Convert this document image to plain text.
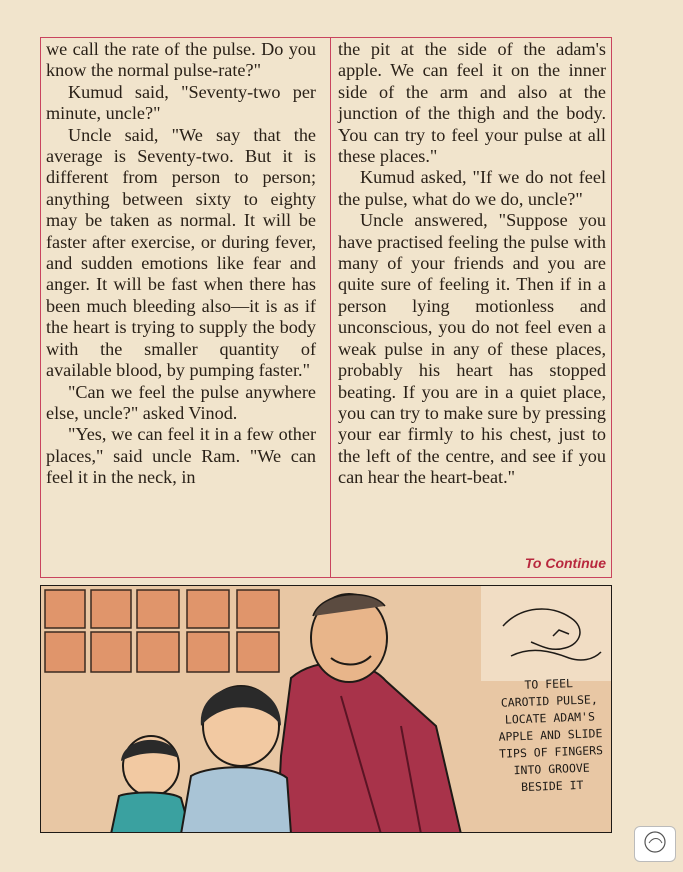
we call the rate of the pulse. Do you know the normal pulse-rate?"

Kumud said, "Seventy-two per minute, uncle?"

Uncle said, "We say that the average is Seventy-two. But it is different from person to person; anything between sixty to eighty may be taken as normal. It will be faster after exercise, or during fever, and sudden emotions like fear and anger. It will be fast when there has been much bleeding also—it is as if the heart is trying to supply the body with the smaller quantity of available blood, by pumping faster."

"Can we feel the pulse anywhere else, uncle?" asked Vinod.

"Yes, we can feel it in a few other places," said uncle Ram. "We can feel it in the neck, in

the pit at the side of the adam's apple. We can feel it on the inner side of the arm and also at the junction of the thigh and the body. You can try to feel your pulse at all these places."

Kumud asked, "If we do not feel the pulse, what do we do, uncle?"

Uncle answered, "Suppose you have practised feeling the pulse with many of your friends and you are quite sure of feeling it. Then if in a person lying motionless and unconscious, you do not feel even a weak pulse in any of these places, probably his heart has stopped beating. If you are in a quiet place, you can try to make sure by pressing your ear firmly to his chest, just to the left of the centre, and see if you can hear the heart-beat."

To Continue
TO FEEL
CAROTID PULSE,
LOCATE ADAM'S
APPLE AND SLIDE
TIPS OF FINGERS
INTO GROOVE
BESIDE IT
